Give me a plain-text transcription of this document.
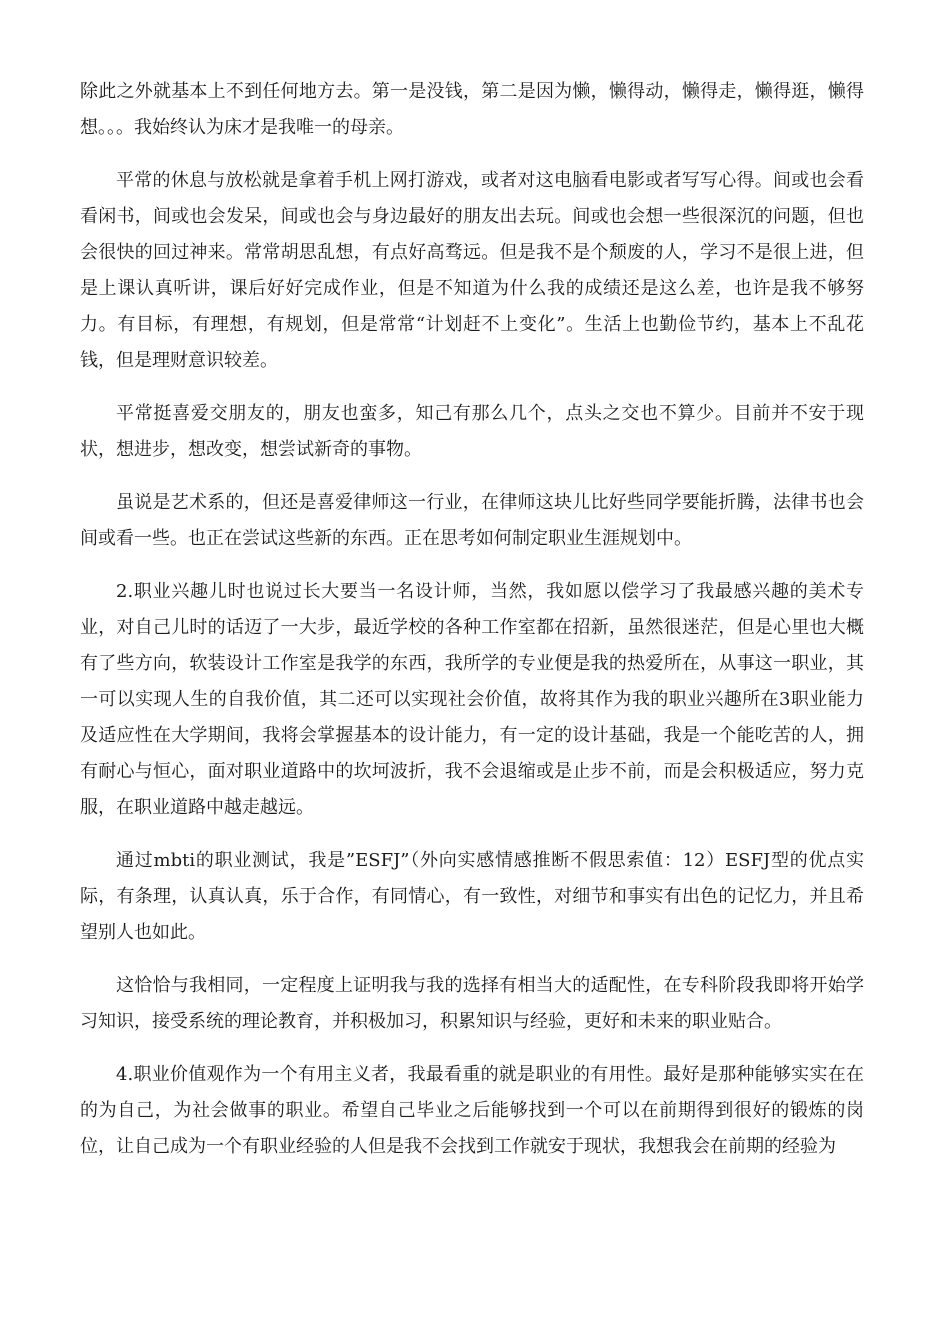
除此之外就基本上不到任何地方去。第一是没钱，第二是因为懒，懒得动，懒得走，懒得逛，懒得想。。。我始终认为床才是我唯一的母亲。

平常的休息与放松就是拿着手机上网打游戏，或者对这电脑看电影或者写写心得。间或也会看看闲书，间或也会发呆，间或也会与身边最好的朋友出去玩。间或也会想一些很深沉的问题，但也会很快的回过神来。常常胡思乱想，有点好高骛远。但是我不是个颓废的人，学习不是很上进，但是上课认真听讲，课后好好完成作业，但是不知道为什么我的成绩还是这么差，也许是我不够努力。有目标，有理想，有规划，但是常常“计划赶不上变化”。生活上也勤俭节约，基本上不乱花钱，但是理财意识较差。

平常挺喜爱交朋友的，朋友也蛮多，知己有那么几个，点头之交也不算少。目前并不安于现状，想进步，想改变，想尝试新奇的事物。

虽说是艺术系的，但还是喜爱律师这一行业，在律师这块儿比好些同学要能折腾，法律书也会间或看一些。也正在尝试这些新的东西。正在思考如何制定职业生涯规划中。

2.职业兴趣儿时也说过长大要当一名设计师，当然，我如愿以偿学习了我最感兴趣的美术专业，对自己儿时的话迈了一大步，最近学校的各种工作室都在招新，虽然很迷茫，但是心里也大概有了些方向，软装设计工作室是我学的东西，我所学的专业便是我的热爱所在，从事这一职业，其一可以实现人生的自我价值，其二还可以实现社会价值，故将其作为我的职业兴趣所在3职业能力及适应性在大学期间，我将会掌握基本的设计能力，有一定的设计基础，我是一个能吃苦的人，拥有耐心与恒心，面对职业道路中的坎坷波折，我不会退缩或是止步不前，而是会积极适应，努力克服，在职业道路中越走越远。

通过mbti的职业测试，我是”ESFJ”（外向实感情感推断不假思索值：12）ESFJ型的优点实际，有条理，认真认真，乐于合作，有同情心，有一致性，对细节和事实有出色的记忆力，并且希望别人也如此。

这恰恰与我相同，一定程度上证明我与我的选择有相当大的适配性，在专科阶段我即将开始学习知识，接受系统的理论教育，并积极加习，积累知识与经验，更好和未来的职业贴合。

4.职业价值观作为一个有用主义者，我最看重的就是职业的有用性。最好是那种能够实实在在的为自己，为社会做事的职业。希望自己毕业之后能够找到一个可以在前期得到很好的锻炼的岗位，让自己成为一个有职业经验的人但是我不会找到工作就安于现状，我想我会在前期的经验为
